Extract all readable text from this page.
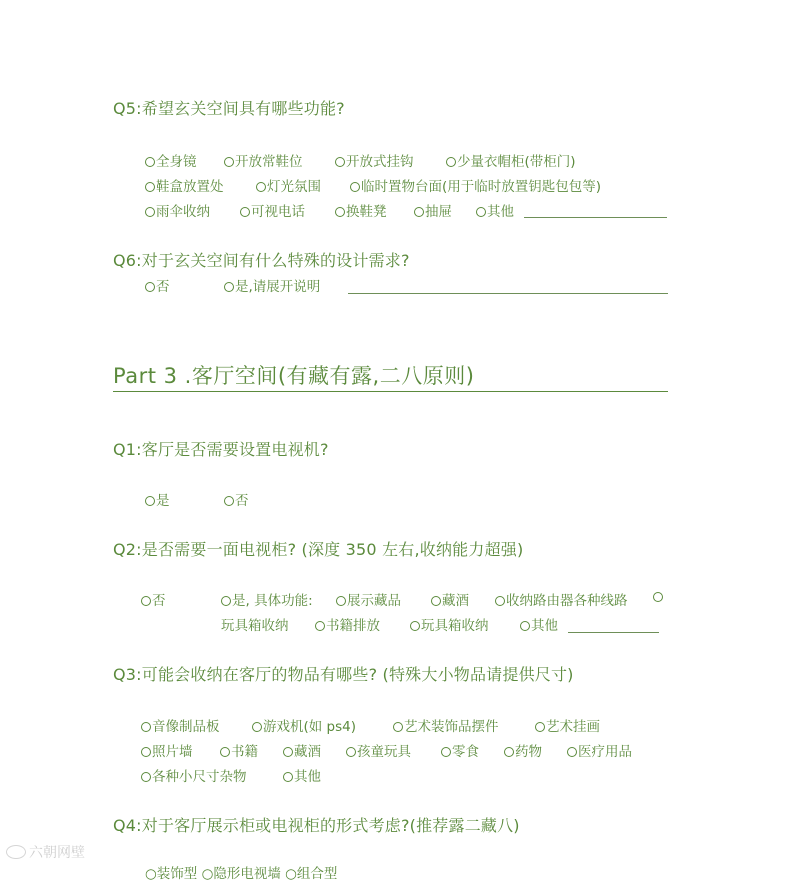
Q5:希望玄关空间具有哪些功能?
全身镜	开放常鞋位	开放式挂钩	少量衣帽柜(带柜门)
鞋盒放置处	灯光氛围	临时置物台面(用于临时放置钥匙包包等)
雨伞收纳	可视电话	换鞋凳	抽屉	其他
Q6:对于玄关空间有什么特殊的设计需求?
否	是,请展开说明
Part 3 .客厅空间(有藏有露,二八原则)
Q1:客厅是否需要设置电视机?
是	否
Q2:是否需要一面电视柜? (深度 350 左右,收纳能力超强)
否	是, 具体功能:	展示藏品	藏酒	收纳路由器各种线路
玩具箱收纳	书籍排放	玩具箱收纳	其他
Q3:可能会收纳在客厅的物品有哪些? (特殊大小物品请提供尺寸)
音像制品板	游戏机(如 ps4)	艺术装饰品摆件	艺术挂画
照片墙	书籍	藏酒	孩童玩具	零食	药物	医疗用品
各种小尺寸杂物	其他
Q4:对于客厅展示柜或电视柜的形式考虑?(推荐露二藏八)
○装饰型 ○隐形电视墙 ○组合型
六朝网壁
